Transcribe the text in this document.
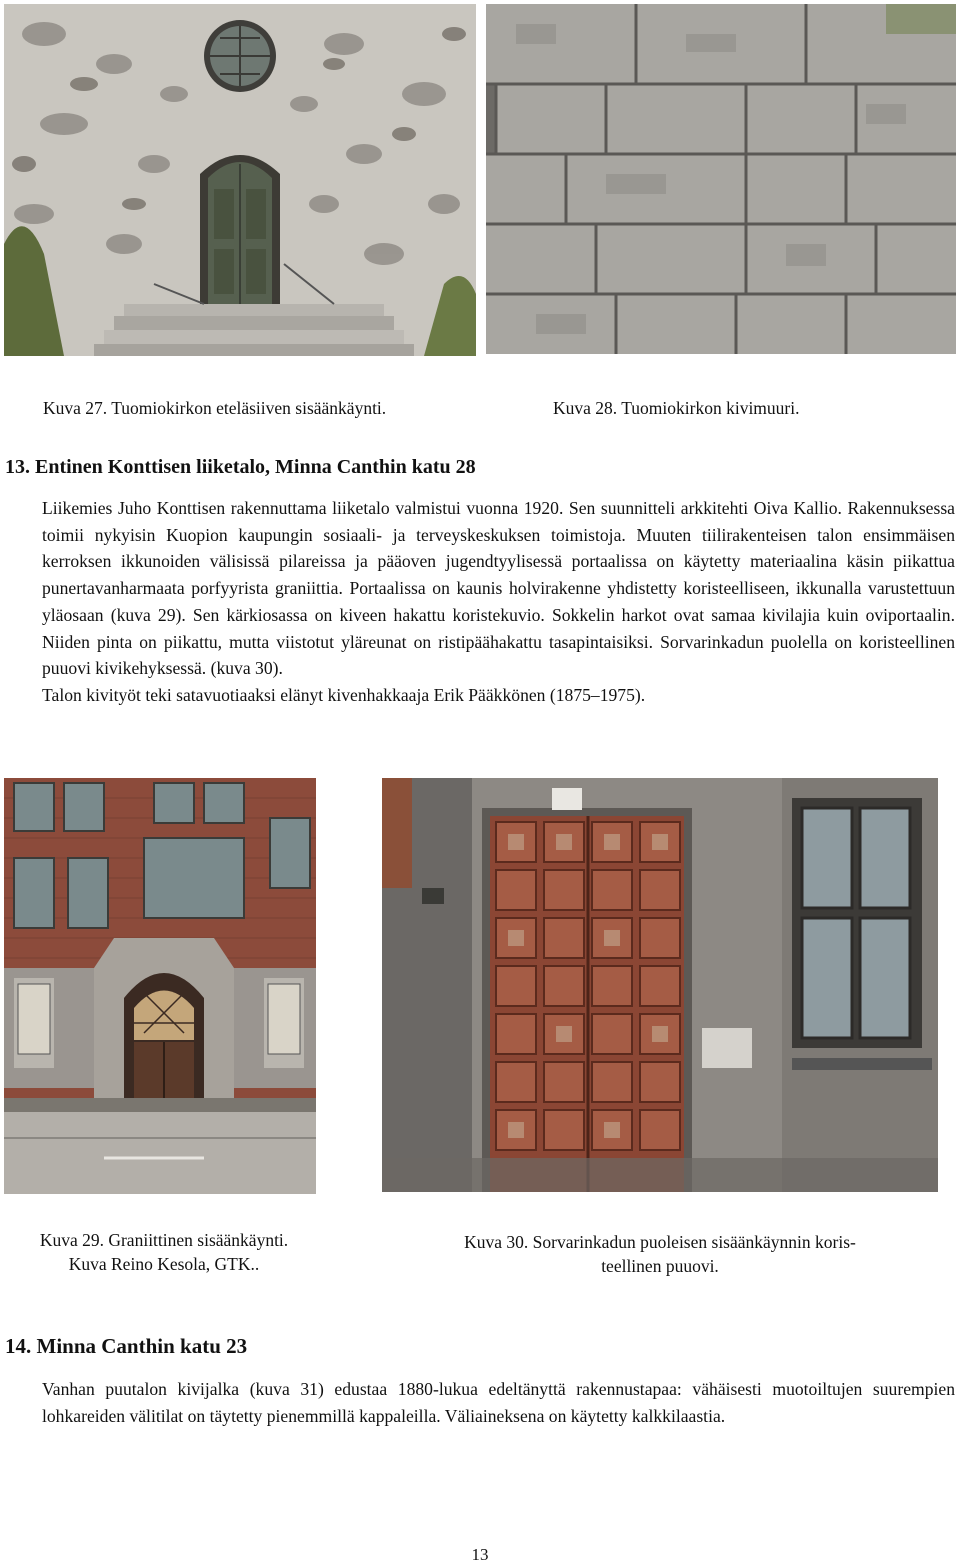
Kuva 27. Tuomiokirkon eteläsiiven sisäänkäynti.	Kuva 28. Tuomiokirkon kivimuuri.
13. Entinen Konttisen liiketalo, Minna Canthin katu 28
Liikemies Juho Konttisen rakennuttama liiketalo valmistui vuonna 1920. Sen suunnitteli arkkitehti Oiva Kallio. Rakennuksessa toimii nykyisin Kuopion kaupungin sosiaali- ja terveyskeskuksen toimistoja. Muuten tiilirakenteisen talon ensimmäisen kerroksen ikkunoiden välisissä pilareissa ja pääoven jugendtyylisessä portaalissa on käytetty materiaalina käsin piikattua punertavanharmaata porfyyrista graniittia. Portaalissa on kaunis holvirakenne yhdistetty koristeelliseen, ikkunalla varustettuun yläosaan (kuva 29). Sen kärkiosassa on kiveen hakattu koristekuvio. Sokkelin harkot ovat samaa kivilajia kuin oviportaalin. Niiden pinta on piikattu, mutta viistotut yläreunat on ristipäähakattu tasapintaisiksi. Sorvarinkadun puolella on koristeellinen puuovi kivikehyksessä. (kuva 30).
Talon kivityöt teki satavuotiaaksi elänyt kivenhakkaaja Erik Pääkkönen (1875–1975).
Kuva 29. Graniittinen sisäänkäynti.
Kuva Reino Kesola, GTK..
Kuva 30. Sorvarinkadun puoleisen sisäänkäynnin koris-
teellinen puuovi.
14. Minna Canthin katu 23
Vanhan puutalon kivijalka (kuva 31) edustaa 1880-lukua edeltänyttä rakennustapaa: vähäisesti muotoiltujen suurempien lohkareiden välitilat on täytetty pienemmillä kappaleilla. Väliaineksena on käytetty kalkkilaastia.
13
